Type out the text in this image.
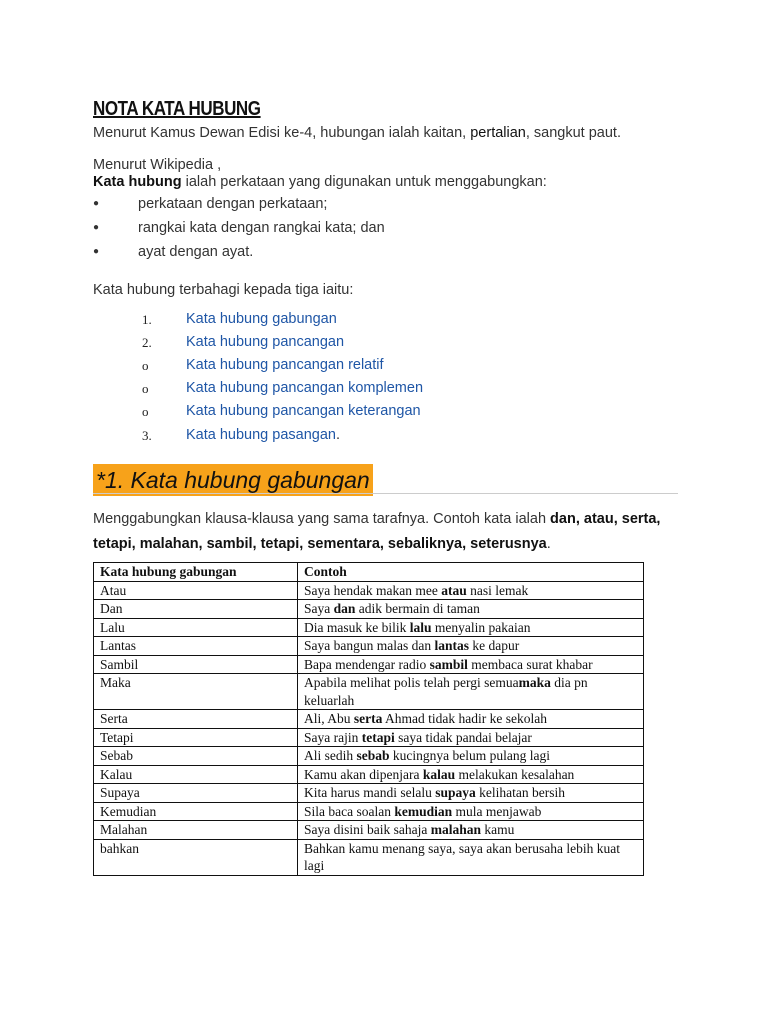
NOTA KATA HUBUNG
Menurut Kamus Dewan Edisi ke-4, hubungan ialah kaitan, pertalian, sangkut paut.
Menurut Wikipedia ,
Kata hubung ialah perkataan yang digunakan untuk menggabungkan:
●	perkataan dengan perkataan;
●	rangkai kata dengan rangkai kata; dan
●	ayat dengan ayat.
Kata hubung terbahagi kepada tiga iaitu:
1.	Kata hubung gabungan
2.	Kata hubung pancangan
o	Kata hubung pancangan relatif
o	Kata hubung pancangan komplemen
o	Kata hubung pancangan keterangan
3.	Kata hubung pasangan.
*1. Kata hubung gabungan
Menggabungkan klausa-klausa yang sama tarafnya. Contoh kata ialah dan, atau, serta, tetapi, malahan, sambil, tetapi, sementara, sebaliknya, seterusnya.
Kata hubung gabungan	Contoh
Atau	Saya hendak makan mee atau nasi lemak
Dan	Saya dan adik bermain di taman
Lalu	Dia masuk ke bilik lalu menyalin pakaian
Lantas	Saya bangun malas dan lantas ke dapur
Sambil	Bapa mendengar radio sambil membaca surat khabar
Maka	Apabila melihat polis telah pergi semuamaka dia pn keluarlah
Serta	Ali, Abu serta Ahmad tidak hadir ke sekolah
Tetapi	Saya rajin tetapi saya tidak pandai belajar
Sebab	Ali sedih sebab kucingnya belum pulang lagi
Kalau	Kamu akan dipenjara kalau melakukan kesalahan
Supaya	Kita harus mandi selalu supaya kelihatan bersih
Kemudian	Sila baca soalan kemudian mula menjawab
Malahan	Saya disini baik sahaja malahan kamu
bahkan	Bahkan kamu menang saya, saya akan berusaha lebih kuat lagi
